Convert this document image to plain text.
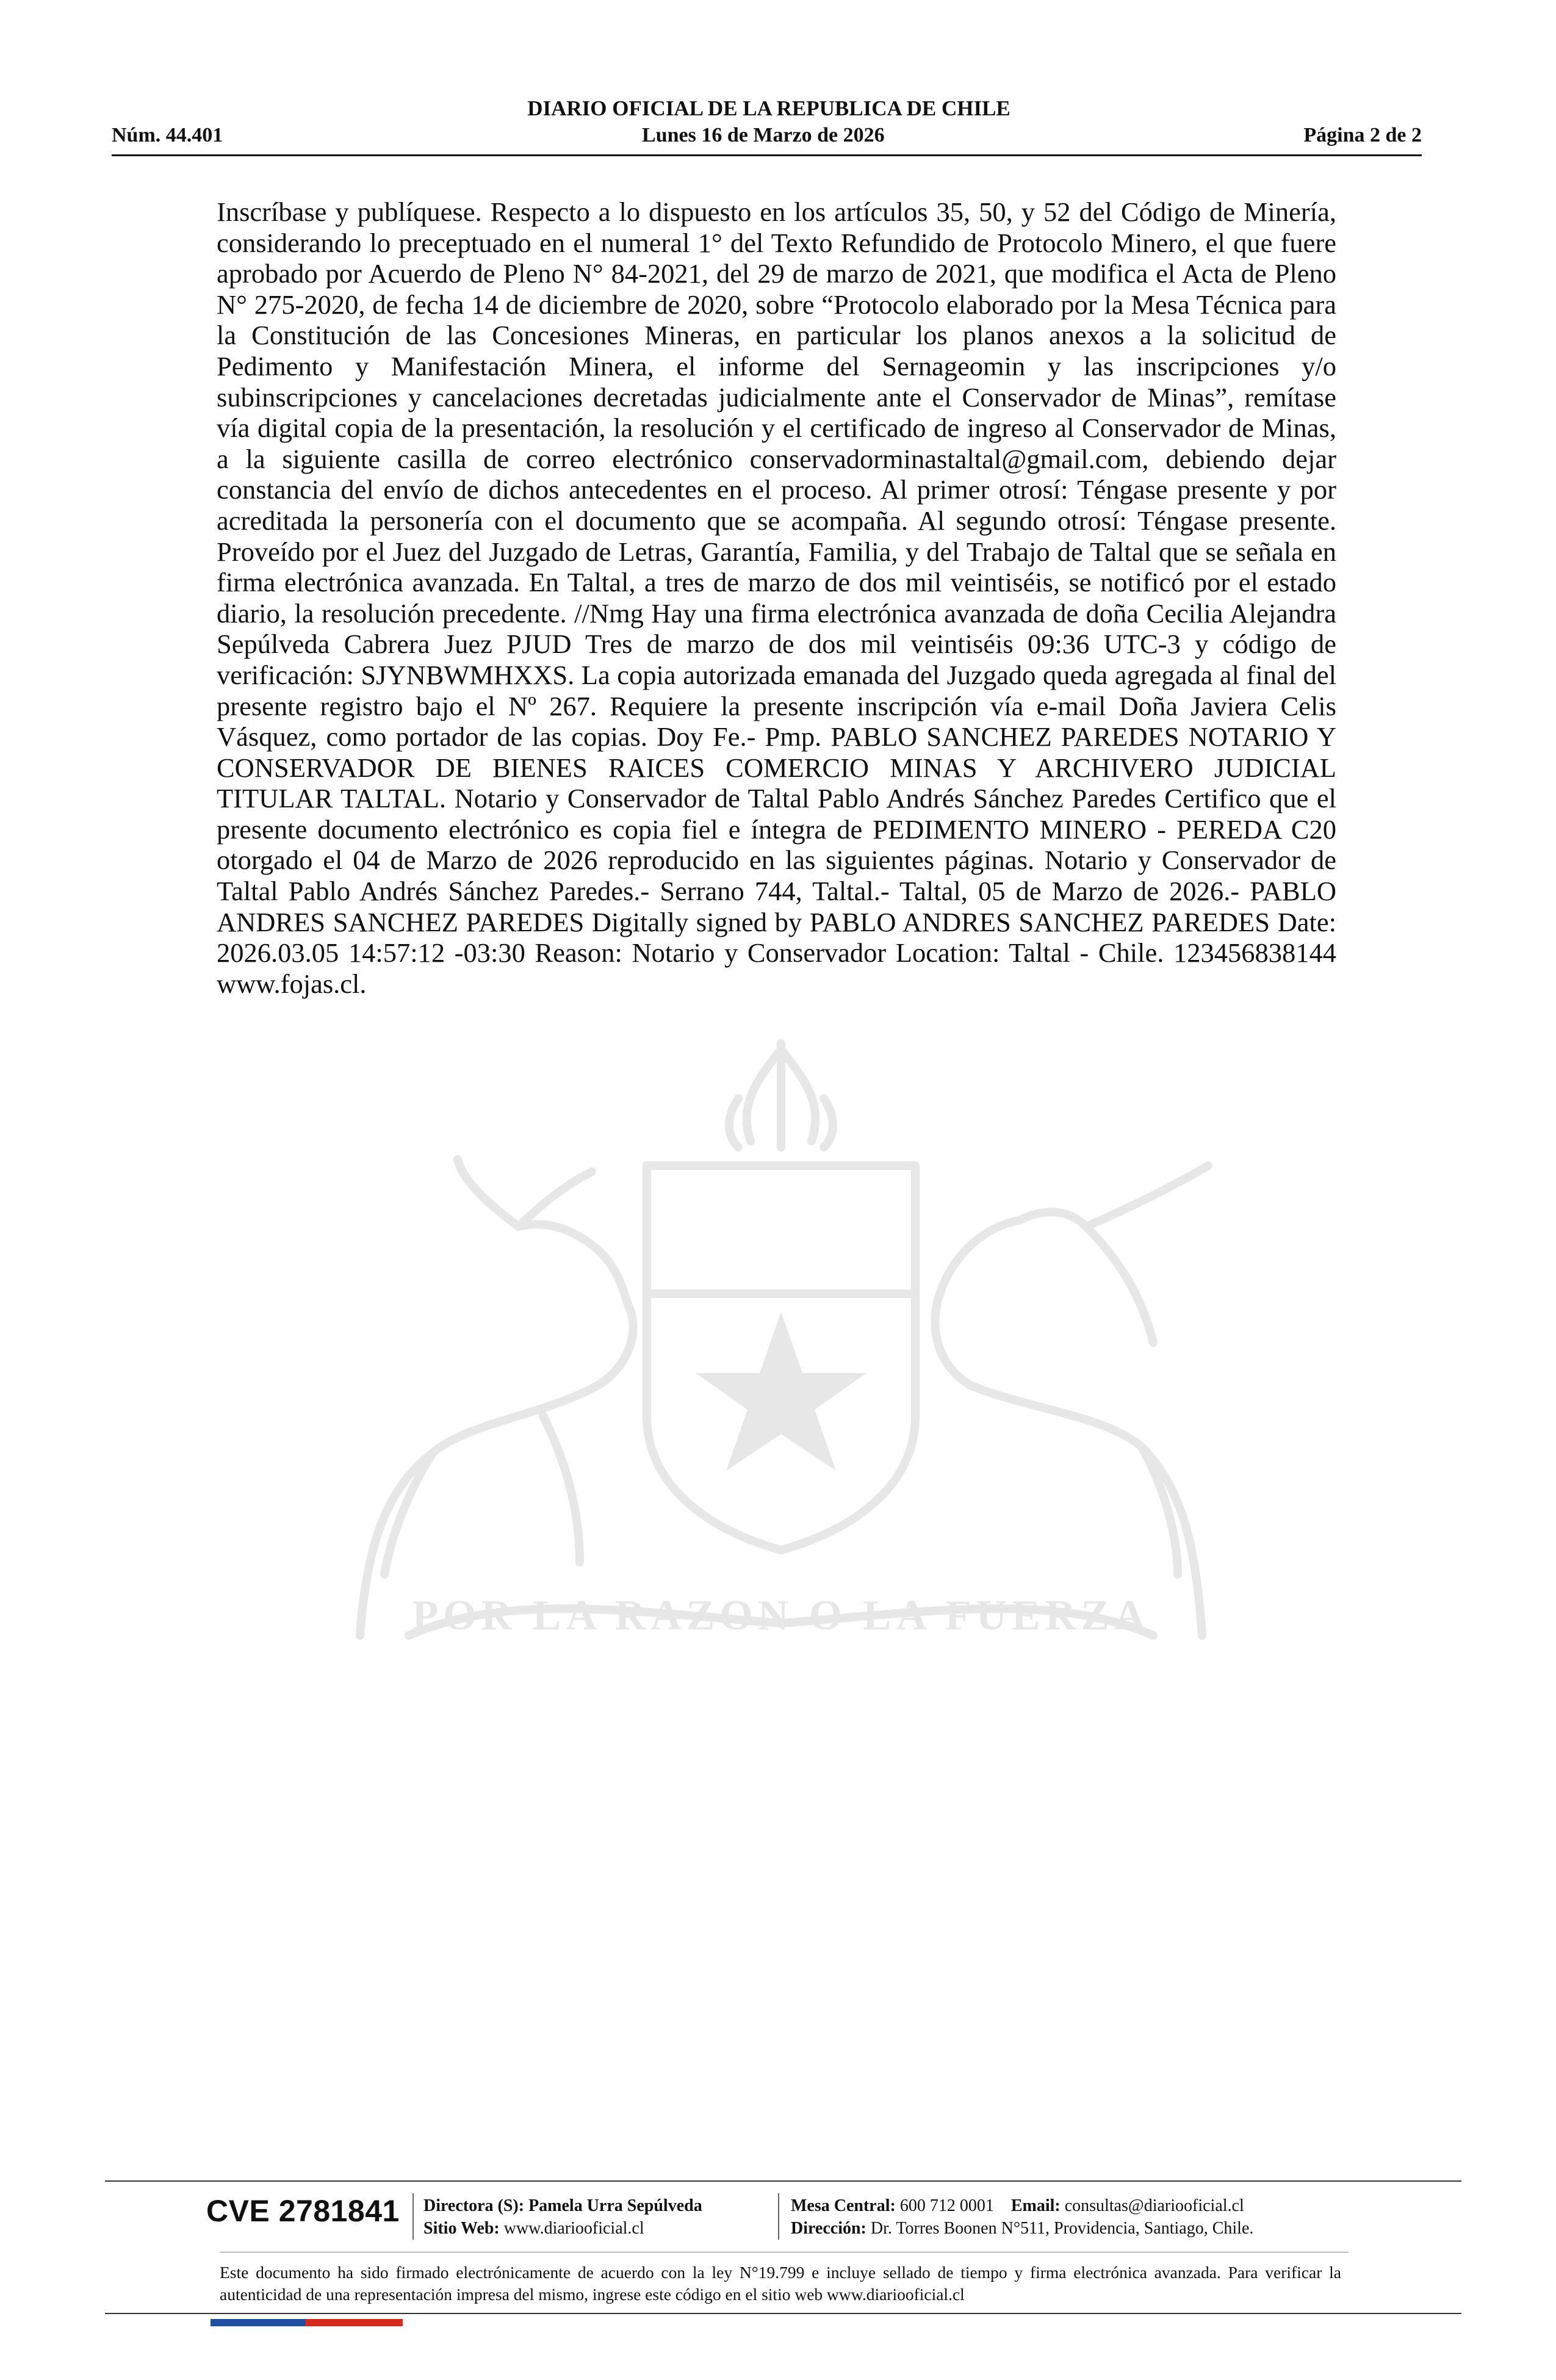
POR LA RAZON O LA FUERZA
DIARIO OFICIAL DE LA REPUBLICA DE CHILE
Núm. 44.401	Lunes 16 de Marzo de 2026	Página 2 de 2
Inscríbase y publíquese. Respecto a lo dispuesto en los artículos 35, 50, y 52 del Código de Minería, considerando lo preceptuado en el numeral 1° del Texto Refundido de Protocolo Minero, el que fuere aprobado por Acuerdo de Pleno N° 84-2021, del 29 de marzo de 2021, que modifica el Acta de Pleno N° 275-2020, de fecha 14 de diciembre de 2020, sobre “Protocolo elaborado por la Mesa Técnica para la Constitución de las Concesiones Mineras, en particular los planos anexos a la solicitud de Pedimento y Manifestación Minera, el informe del Sernageomin y las inscripciones y/o subinscripciones y cancelaciones decretadas judicialmente ante el Conservador de Minas”, remítase vía digital copia de la presentación, la resolución y el certificado de ingreso al Conservador de Minas, a la siguiente casilla de correo electrónico conservadorminastaltal@gmail.com, debiendo dejar constancia del envío de dichos antecedentes en el proceso. Al primer otrosí: Téngase presente y por acreditada la personería con el documento que se acompaña. Al segundo otrosí: Téngase presente. Proveído por el Juez del Juzgado de Letras, Garantía, Familia, y del Trabajo de Taltal que se señala en firma electrónica avanzada. En Taltal, a tres de marzo de dos mil veintiséis, se notificó por el estado diario, la resolución precedente. //Nmg Hay una firma electrónica avanzada de doña Cecilia Alejandra Sepúlveda Cabrera Juez PJUD Tres de marzo de dos mil veintiséis 09:36 UTC-3 y código de verificación: SJYNBWMHXXS. La copia autorizada emanada del Juzgado queda agregada al final del presente registro bajo el Nº 267. Requiere la presente inscripción vía e-mail Doña Javiera Celis Vásquez, como portador de las copias. Doy Fe.- Pmp. PABLO SANCHEZ PAREDES NOTARIO Y CONSERVADOR DE BIENES RAICES COMERCIO MINAS Y ARCHIVERO JUDICIAL TITULAR TALTAL. Notario y Conservador de Taltal Pablo Andrés Sánchez Paredes Certifico que el presente documento electrónico es copia fiel e íntegra de PEDIMENTO MINERO - PEREDA C20 otorgado el 04 de Marzo de 2026 reproducido en las siguientes páginas. Notario y Conservador de Taltal Pablo Andrés Sánchez Paredes.- Serrano 744, Taltal.- Taltal, 05 de Marzo de 2026.- PABLO ANDRES SANCHEZ PAREDES Digitally signed by PABLO ANDRES SANCHEZ PAREDES Date: 2026.03.05 14:57:12 -03:30 Reason: Notario y Conservador Location: Taltal - Chile. 123456838144 www.fojas.cl.
CVE 2781841 Directora (S): Pamela Urra Sepúlveda
Sitio Web: www.diariooficial.cl
Mesa Central: 600 712 0001 Email: consultas@diariooficial.cl
Dirección: Dr. Torres Boonen N°511, Providencia, Santiago, Chile.
Este documento ha sido firmado electrónicamente de acuerdo con la ley N°19.799 e incluye sellado de tiempo y firma electrónica avanzada. Para verificar la autenticidad de una representación impresa del mismo, ingrese este código en el sitio web www.diariooficial.cl
